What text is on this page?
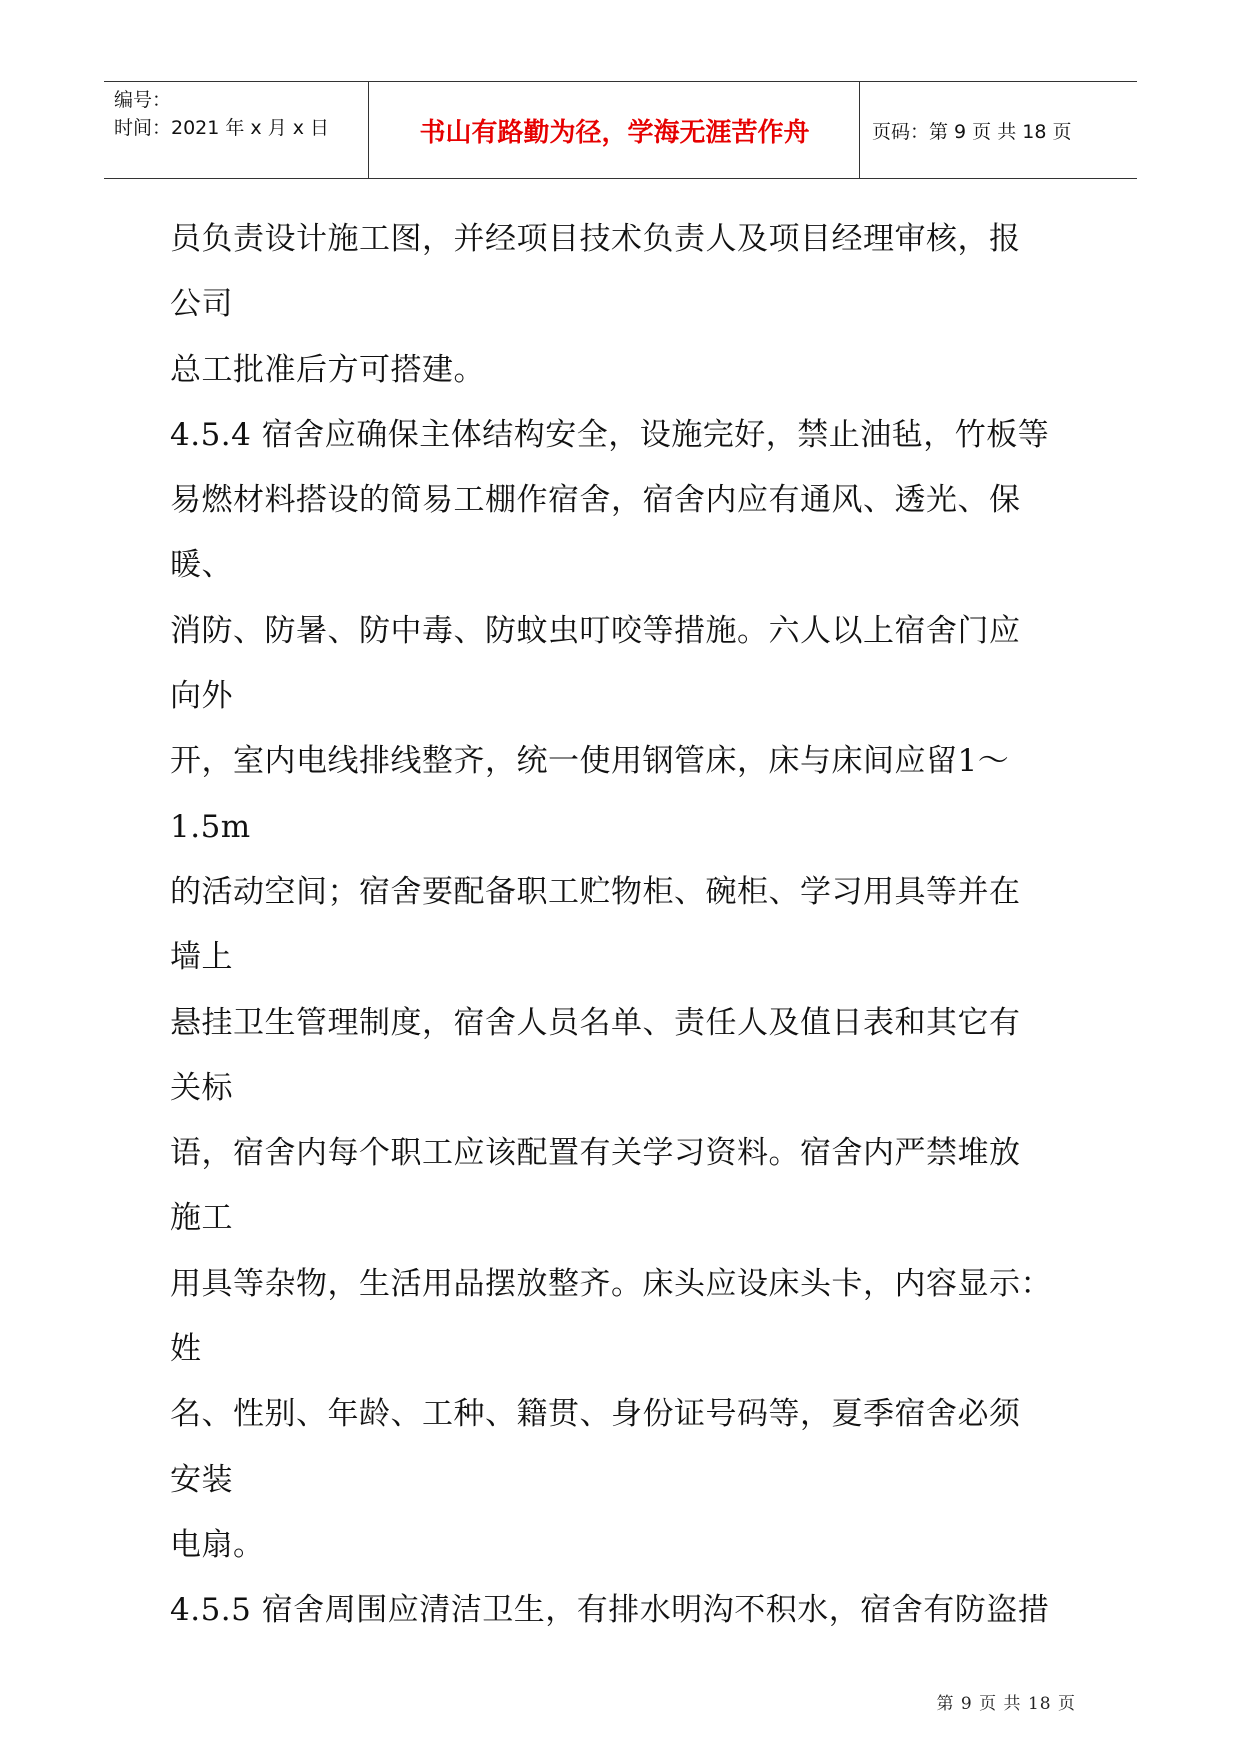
编号：
时间：2021 年 x 月 x 日	书山有路勤为径，学海无涯苦作舟	页码：第 9 页 共 18 页
员负责设计施工图，并经项目技术负责人及项目经理审核，报
公司
总工批准后方可搭建。
4.5.4 宿舍应确保主体结构安全，设施完好，禁止油毡，竹板等
易燃材料搭设的简易工棚作宿舍，宿舍内应有通风、透光、保
暖、
消防、防暑、防中毒、防蚊虫叮咬等措施。六人以上宿舍门应
向外
开，室内电线排线整齐，统一使用钢管床，床与床间应留1～
1.5m
的活动空间；宿舍要配备职工贮物柜、碗柜、学习用具等并在
墙上
悬挂卫生管理制度，宿舍人员名单、责任人及值日表和其它有
关标
语，宿舍内每个职工应该配置有关学习资料。宿舍内严禁堆放
施工
用具等杂物，生活用品摆放整齐。床头应设床头卡，内容显示：
姓
名、性别、年龄、工种、籍贯、身份证号码等，夏季宿舍必须
安装
电扇。
4.5.5 宿舍周围应清洁卫生，有排水明沟不积水，宿舍有防盗措
第 9 页 共 18 页
